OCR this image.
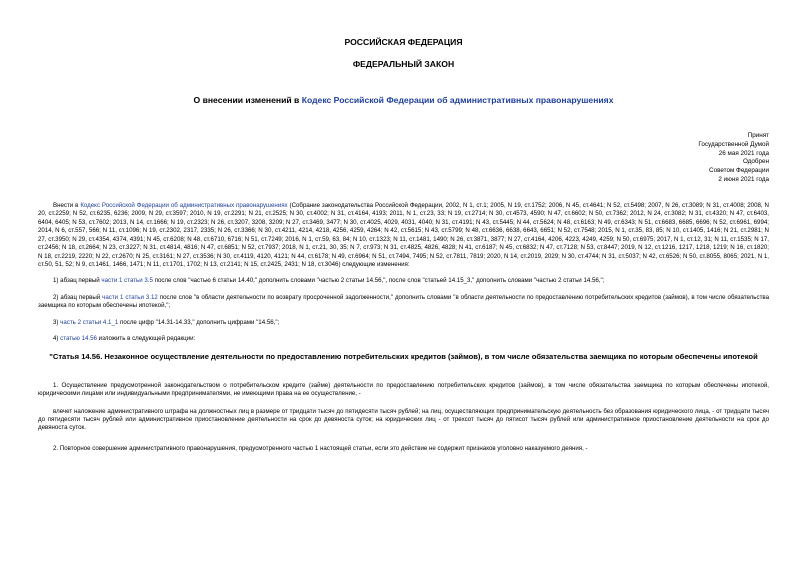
РОССИЙСКАЯ ФЕДЕРАЦИЯ
ФЕДЕРАЛЬНЫЙ ЗАКОН
О внесении изменений в Кодекс Российской Федерации об административных правонарушениях
Принят
Государственной Думой
26 мая 2021 года
Одобрен
Советом Федерации
2 июня 2021 года

Внести в Кодекс Российской Федерации об административных правонарушениях (Собрание законодательства Российской Федерации, 2002, N 1, ст.1; 2005, N 19, ст.1752; 2006, N 45, ст.4641; N 52, ст.5498; 2007, N 26, ст.3089; N 31, ст.4008; 2008, N 20, ст.2259; N 52, ст.6235, 6236; 2009, N 29, ст.3597; 2010, N 19, ст.2291; N 21, ст.2525; N 30, ст.4002; N 31, ст.4164, 4193; 2011, N 1, ст.23, 33; N 19, ст.2714; N 30, ст.4573, 4590; N 47, ст.6602; N 50, ст.7362; 2012, N 24, ст.3082; N 31, ст.4320; N 47, ст.6403, 6404, 6405; N 53, ст.7602; 2013, N 14, ст.1666; N 19, ст.2323; N 26, ст.3207, 3208, 3209; N 27, ст.3469, 3477; N 30, ст.4025, 4029, 4031, 4040; N 31, ст.4191; N 43, ст.5445; N 44, ст.5624; N 48, ст.6163; N 49, ст.6343; N 51, ст.6683, 6685, 6696; N 52, ст.6961, 6994; 2014, N 6, ст.557, 566; N 11, ст.1096; N 19, ст.2302, 2317, 2335; N 26, ст.3366; N 30, ст.4211, 4214, 4218, 4256, 4259, 4264; N 42, ст.5615; N 43, ст.5799; N 48, ст.6636, 6638, 6643, 6651; N 52, ст.7548; 2015, N 1, ст.35, 83, 85; N 10, ст.1405, 1416; N 21, ст.2981; N 27, ст.3950; N 29, ст.4354, 4374, 4391; N 45, ст.6208; N 48, ст.6710, 6716; N 51, ст.7249; 2016, N 1, ст.59, 63, 84; N 10, ст.1323; N 11, ст.1481, 1490; N 26, ст.3871, 3877; N 27, ст.4164, 4206, 4223, 4249, 4259; N 50, ст.6975; 2017, N 1, ст.12, 31; N 11, ст.1535; N 17, ст.2456; N 18, ст.2664; N 23, ст.3227; N 31, ст.4814, 4816; N 47, ст.6851; N 52, ст.7937; 2018, N 1, ст.21, 30, 35; N 7, ст.973; N 31, ст.4825, 4826, 4828; N 41, ст.6187; N 45, ст.6832; N 47, ст.7128; N 53, ст.8447; 2019, N 12, ст.1216, 1217, 1218, 1219; N 16, ст.1820; N 18, ст.2219, 2220; N 22, ст.2670; N 25, ст.3161; N 27, ст.3536; N 30, ст.4119, 4120, 4121; N 44, ст.6178; N 49, ст.6964; N 51, ст.7494, 7495; N 52, ст.7811, 7819; 2020, N 14, ст.2019, 2029; N 30, ст.4744; N 31, ст.5037; N 42, ст.6526; N 50, ст.8055, 8065; 2021, N 1, ст.50, 51, 52; N 9, ст.1461, 1466, 1471; N 11, ст.1701, 1702; N 13, ст.2141; N 15, ст.2425, 2431; N 18, ст.3046) следующие изменения:

1) абзац первый части 1 статьи 3.5 после слов "частью 6 статьи 14.40," дополнить словами "частью 2 статьи 14.56,", после слов "статьей 14.15_3," дополнить словами "частью 2 статьи 14.56,";

2) абзац первый части 1 статьи 3.12 после слов "в области деятельности по возврату просроченной задолженности," дополнить словами "в области деятельности по предоставлению потребительских кредитов (займов), в том числе обязательства заемщика по которым обеспечены ипотекой,";

3) часть 2 статьи 4.1_1 после цифр "14.31-14.33," дополнить цифрами "14.56,";

4) статью 14.56 изложить в следующей редакции:

"Статья 14.56. Незаконное осуществление деятельности по предоставлению потребительских кредитов (займов), в том числе обязательства заемщика по которым обеспечены ипотекой

1. Осуществление предусмотренной законодательством о потребительском кредите (займе) деятельности по предоставлению потребительских кредитов (займов), в том числе обязательства заемщика по которым обеспечены ипотекой, юридическими лицами или индивидуальными предпринимателями, не имеющими права на ее осуществление, -

влечет наложение административного штрафа на должностных лиц в размере от тридцати тысяч до пятидесяти тысяч рублей; на лиц, осуществляющих предпринимательскую деятельность без образования юридического лица, - от тридцати тысяч до пятидесяти тысяч рублей или административное приостановление деятельности на срок до девяноста суток; на юридических лиц - от трехсот тысяч до пятисот тысяч рублей или административное приостановление деятельности на срок до девяноста суток.

2. Повторное совершение административного правонарушения, предусмотренного частью 1 настоящей статьи, если это действие не содержит признаков уголовно наказуемого деяния, -
